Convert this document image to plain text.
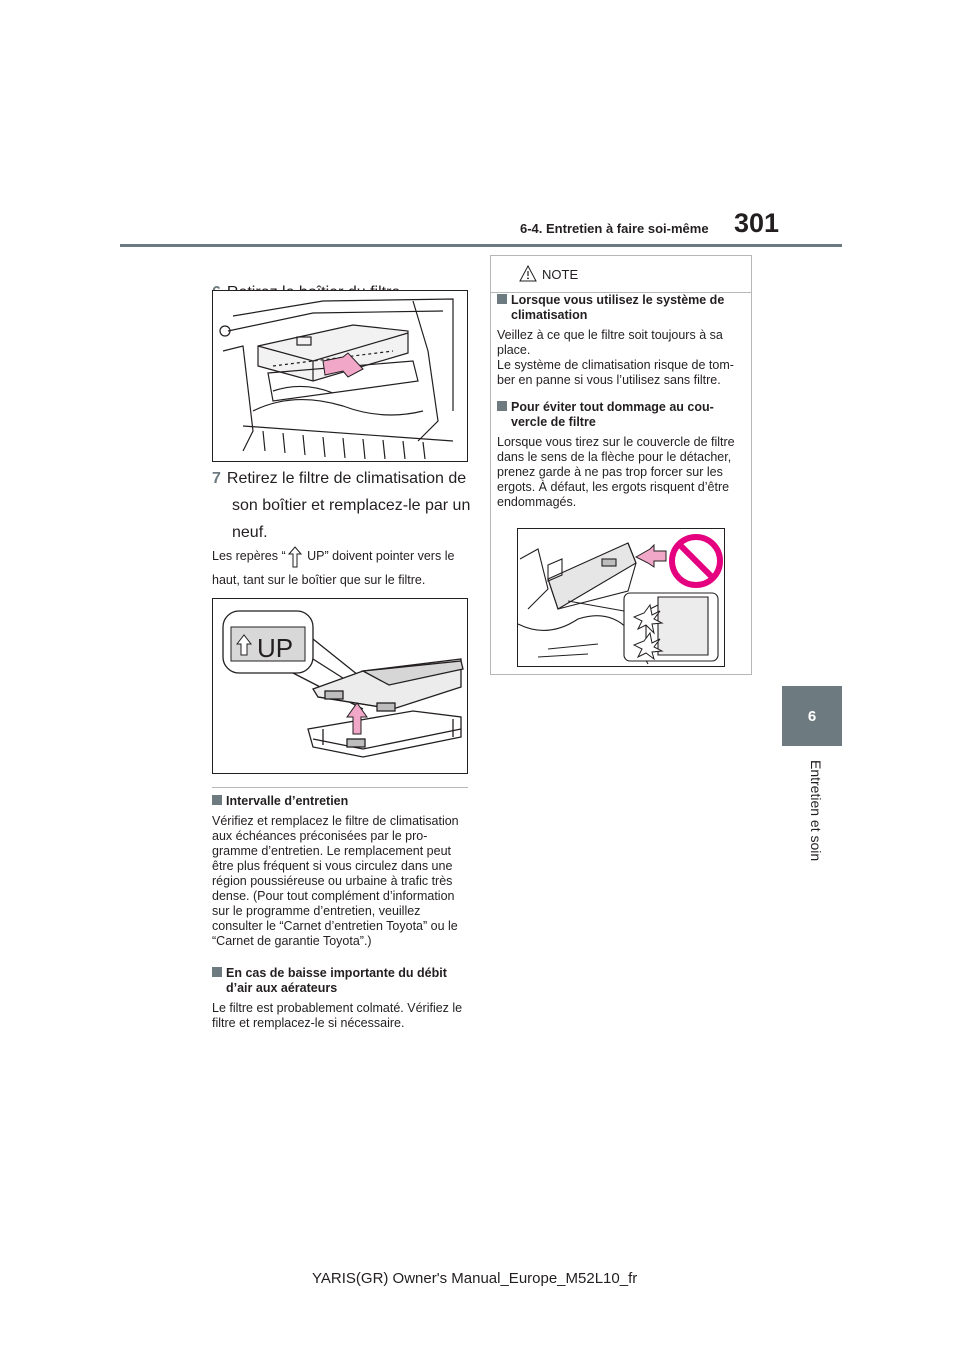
6-4. Entretien à faire soi-même 301
6
Entretien et soin
7 Retirez le filtre de climatisation de son boîtier et remplacez-le par un neuf.
Les repères “ UP” doivent pointer vers le haut, tant sur le boîtier que sur le filtre.
UP
Intervalle d’entretien
Vérifiez et remplacez le filtre de climatisation aux échéances préconisées par le pro-gramme d’entretien. Le remplacement peut être plus fréquent si vous circulez dans une région poussiéreuse ou urbaine à trafic très dense. (Pour tout complément d’information sur le programme d’entretien, veuillez consulter le “Carnet d’entretien Toyota” ou le “Carnet de garantie Toyota”.)
En cas de baisse importante du débit d’air aux aérateurs
Le filtre est probablement colmaté. Vérifiez le filtre et remplacez-le si nécessaire.
NOTE
Lorsque vous utilisez le système de climatisation
Veillez à ce que le filtre soit toujours à sa place.
Le système de climatisation risque de tom-ber en panne si vous l’utilisez sans filtre.
Pour éviter tout dommage au cou-vercle de filtre
Lorsque vous tirez sur le couvercle de filtre dans le sens de la flèche pour le détacher, prenez garde à ne pas trop forcer sur les ergots. À défaut, les ergots risquent d’être endommagés.
YARIS(GR) Owner's Manual_Europe_M52L10_fr
